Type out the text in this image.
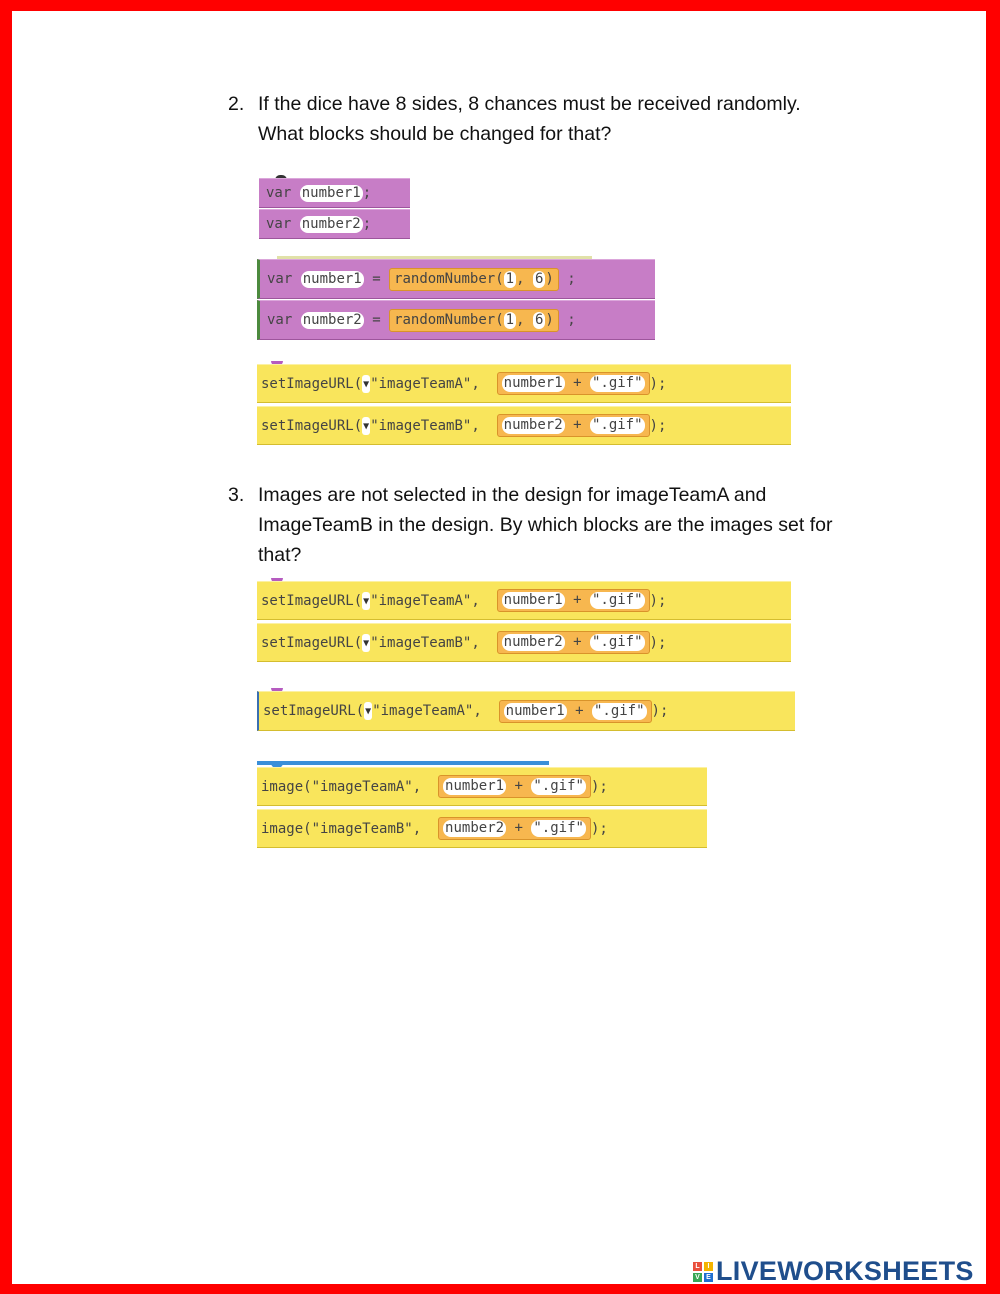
2. If the dice have 8 sides, 8 chances must be received randomly.
What blocks should be changed for that?
var
number1 ;
var
number2 ;
var
number1
=
randomNumber ( 1 ,
6 )
;
var
number2
=
randomNumber ( 1 ,
6 )
;
setImageURL ( ▼ "imageTeamA" ,
number1
+
".gif" );
setImageURL ( ▼ "imageTeamB" ,
number2
+
".gif" );
3. Images are not selected in the design for imageTeamA and
ImageTeamB in the design. By which blocks are the images set for
that?
setImageURL ( ▼ "imageTeamA" ,
number1
+
".gif" );
setImageURL ( ▼ "imageTeamB" ,
number2
+
".gif" );
setImageURL ( ▼ "imageTeamA" ,
number1
+
".gif" );
image ( "imageTeamA" ,
number1
+
".gif" );
image ( "imageTeamB" ,
number2
+
".gif" );
L	I
V E LIVEWORKSHEETS
